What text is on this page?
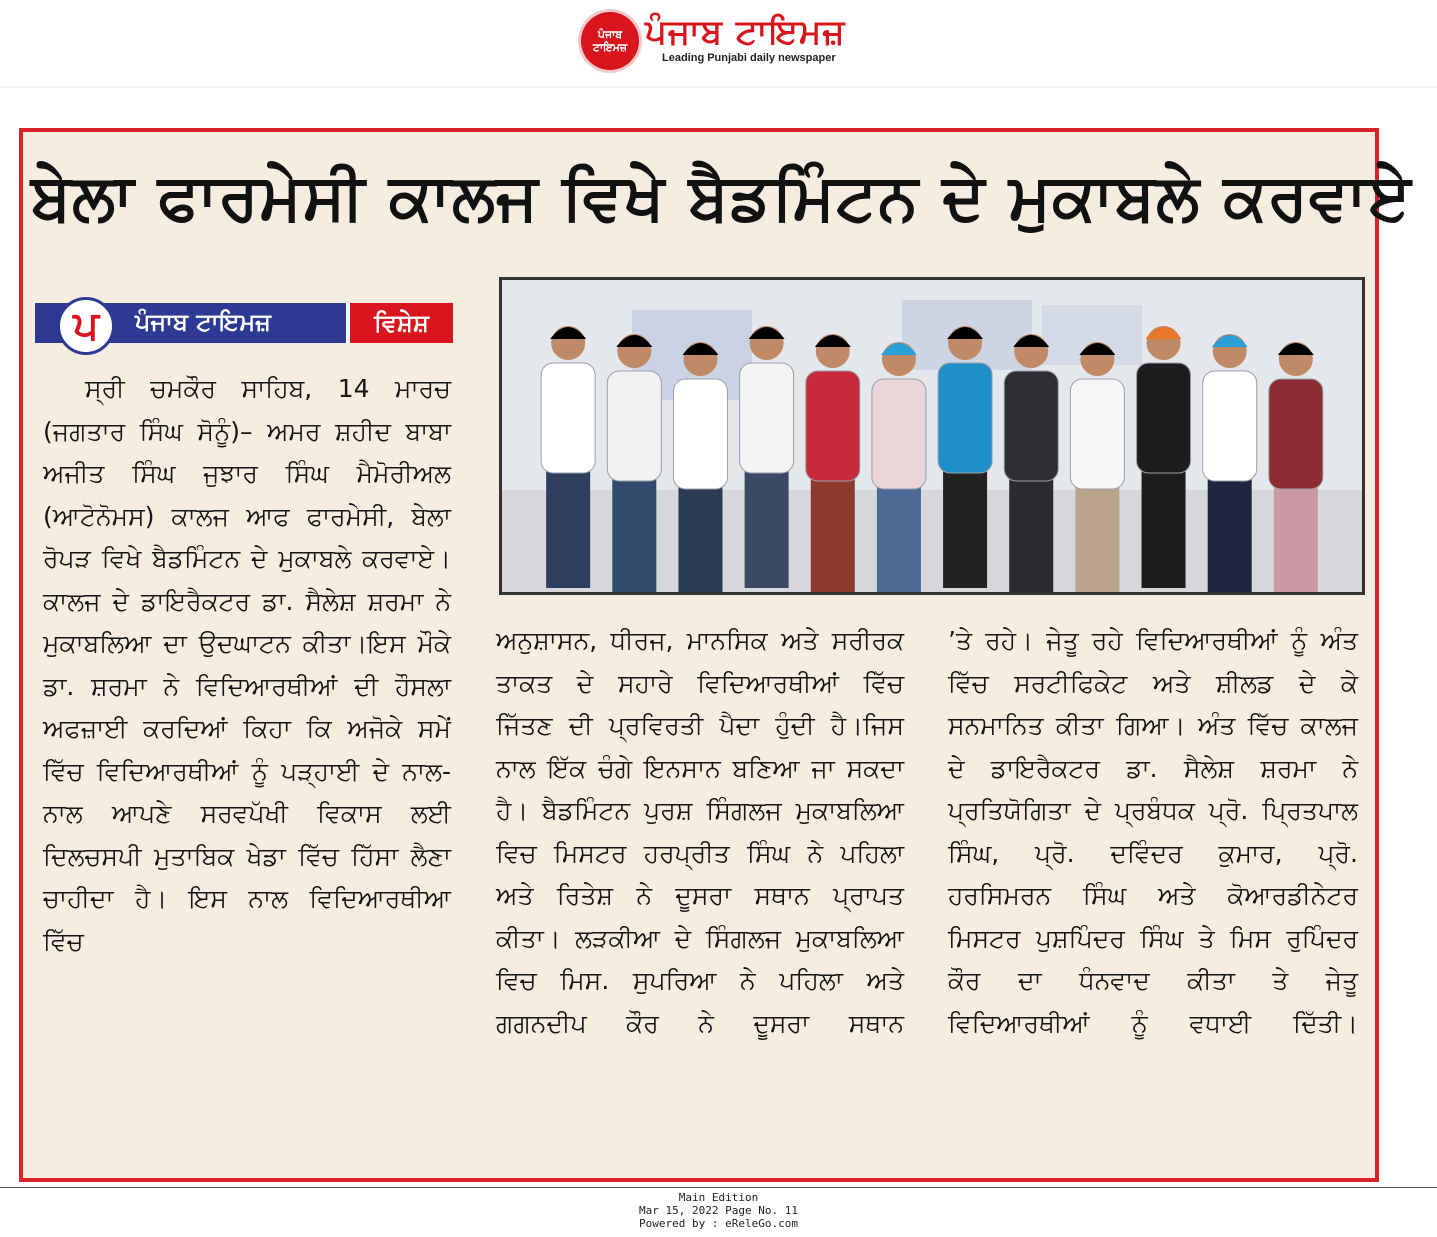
ਪੰਜਾਬ ਟਾਇਮਜ਼ ਪੰਜਾਬ ਟਾਇਮਜ਼
Leading Punjabi daily newspaper
ਬੇਲਾ ਫਾਰਮੇਸੀ ਕਾਲਜ ਵਿਖੇ ਬੈਡਮਿੰਟਨ ਦੇ ਮੁਕਾਬਲੇ ਕਰਵਾਏ
ਪ ਪੰਜਾਬ ਟਾਇਮਜ਼	ਵਿਸ਼ੇਸ਼

ਸ੍ਰੀ ਚਮਕੌਰ ਸਾਹਿਬ, 14 ਮਾਰਚ (ਜਗਤਾਰ ਸਿੰਘ ਸੋਨੂੰ)– ਅਮਰ ਸ਼ਹੀਦ ਬਾਬਾ ਅਜੀਤ ਸਿੰਘ ਜੁਝਾਰ ਸਿੰਘ ਮੈਮੋਰੀਅਲ (ਆਟੋਨੋਮਸ) ਕਾਲਜ ਆਫ ਫਾਰਮੇਸੀ, ਬੇਲਾ ਰੋਪੜ ਵਿਖੇ ਬੈਡਮਿੰਟਨ ਦੇ ਮੁਕਾਬਲੇ ਕਰਵਾਏ। ਕਾਲਜ ਦੇ ਡਾਇਰੈਕਟਰ ਡਾ. ਸੈਲੇਸ਼ ਸ਼ਰਮਾ ਨੇ ਮੁਕਾਬਲਿਆ ਦਾ ਉਦਘਾਟਨ ਕੀਤਾ।ਇਸ ਮੌਕੇ ਡਾ. ਸ਼ਰਮਾ ਨੇ ਵਿਦਿਆਰਥੀਆਂ ਦੀ ਹੌਸਲਾ ਅਫਜ਼ਾਈ ਕਰਦਿਆਂ ਕਿਹਾ ਕਿ ਅਜੋਕੇ ਸਮੇਂ ਵਿੱਚ ਵਿਦਿਆਰਥੀਆਂ ਨੂੰ ਪੜ੍ਹਾਈ ਦੇ ਨਾਲ-ਨਾਲ ਆਪਣੇ ਸਰਵਪੱਖੀ ਵਿਕਾਸ ਲਈ ਦਿਲਚਸਪੀ ਮੁਤਾਬਿਕ ਖੇਡਾ ਵਿੱਚ ਹਿੱਸਾ ਲੈਣਾ ਚਾਹੀਦਾ ਹੈ। ਇਸ ਨਾਲ ਵਿਦਿਆਰਥੀਆ ਵਿੱਚ

ਅਨੁਸ਼ਾਸਨ, ਧੀਰਜ, ਮਾਨਸਿਕ ਅਤੇ ਸਰੀਰਕ ਤਾਕਤ ਦੇ ਸਹਾਰੇ ਵਿਦਿਆਰਥੀਆਂ ਵਿੱਚ ਜਿੱਤਣ ਦੀ ਪ੍ਰਵਿਰਤੀ ਪੈਦਾ ਹੁੰਦੀ ਹੈ।ਜਿਸ ਨਾਲ ਇੱਕ ਚੰਗੇ ਇਨਸਾਨ ਬਣਿਆ ਜਾ ਸਕਦਾ ਹੈ। ਬੈਡਮਿੰਟਨ ਪੁਰਸ਼ ਸਿੰਗਲਜ ਮੁਕਾਬਲਿਆ ਵਿਚ ਮਿਸਟਰ ਹਰਪ੍ਰੀਤ ਸਿੰਘ ਨੇ ਪਹਿਲਾ ਅਤੇ ਰਿਤੇਸ਼ ਨੇ ਦੂਸਰਾ ਸਥਾਨ ਪ੍ਰਾਪਤ ਕੀਤਾ। ਲੜਕੀਆ ਦੇ ਸਿੰਗਲਜ ਮੁਕਾਬਲਿਆ ਵਿਚ ਮਿਸ. ਸੁਪਰਿਆ ਨੇ ਪਹਿਲਾ ਅਤੇ ਗਗਨਦੀਪ ਕੌਰ ਨੇ ਦੂਸਰਾ ਸਥਾਨ

’ਤੇ ਰਹੇ। ਜੇਤੂ ਰਹੇ ਵਿਦਿਆਰਥੀਆਂ ਨੂੰ ਅੰਤ ਵਿੱਚ ਸਰਟੀਫਿਕੇਟ ਅਤੇ ਸ਼ੀਲਡ ਦੇ ਕੇ ਸਨਮਾਨਿਤ ਕੀਤਾ ਗਿਆ। ਅੰਤ ਵਿੱਚ ਕਾਲਜ ਦੇ ਡਾਇਰੈਕਟਰ ਡਾ. ਸੈਲੇਸ਼ ਸ਼ਰਮਾ ਨੇ ਪ੍ਰਤਿਯੋਗਿਤਾ ਦੇ ਪ੍ਰਬੰਧਕ ਪ੍ਰੋ. ਪ੍ਰਿਤਪਾਲ ਸਿੰਘ, ਪ੍ਰੋ. ਦਵਿੰਦਰ ਕੁਮਾਰ, ਪ੍ਰੋ. ਹਰਸਿਮਰਨ ਸਿੰਘ ਅਤੇ ਕੋਆਰਡੀਨੇਟਰ ਮਿਸਟਰ ਪੁਸ਼ਪਿੰਦਰ ਸਿੰਘ ਤੇ ਮਿਸ ਰੁਪਿੰਦਰ ਕੌਰ ਦਾ ਧੰਨਵਾਦ ਕੀਤਾ ਤੇ ਜੇਤੂ ਵਿਦਿਆਰਥੀਆਂ ਨੂੰ ਵਧਾਈ ਦਿੱਤੀ।

Main Edition
Mar 15, 2022 Page No. 11
Powered by : eReleGo.com
